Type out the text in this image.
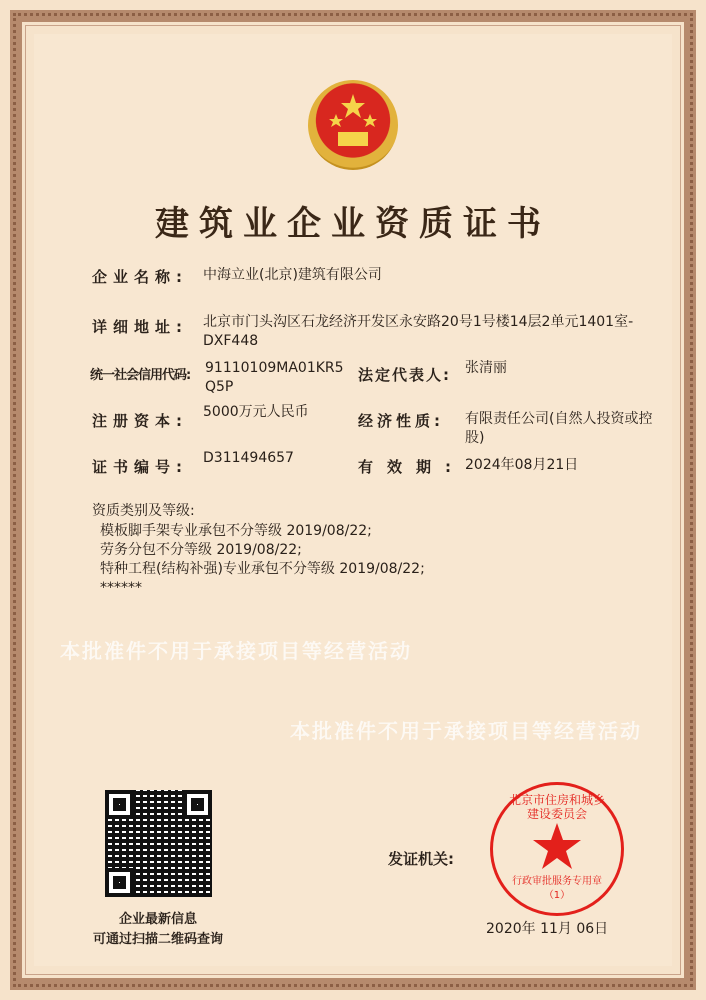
本批准件不用于承接项目等经营活动
本批准件不用于承接项目等经营活动
建筑业企业资质证书
企业名称: 中海立业(北京)建筑有限公司
详细地址: 北京市门头沟区石龙经济开发区永安路20号1号楼14层2单元1401室-DXF448
统一社会信用代码: 91110109MA01KR5Q5P
法定代表人: 张清丽
注册资本: 5000万元人民币	经济性质: 有限责任公司(自然人投资或控股)
证书编号: D311494657	有效期: 2024年08月21日
资质类别及等级:
模板脚手架专业承包不分等级 2019/08/22;
劳务分包不分等级 2019/08/22;
特种工程(结构补强)专业承包不分等级 2019/08/22;
******
企业最新信息
可通过扫描二维码查询
发证机关:
北京市住房和城乡建设委员会
行政审批服务专用章
（1）
2020年 11月 06日
